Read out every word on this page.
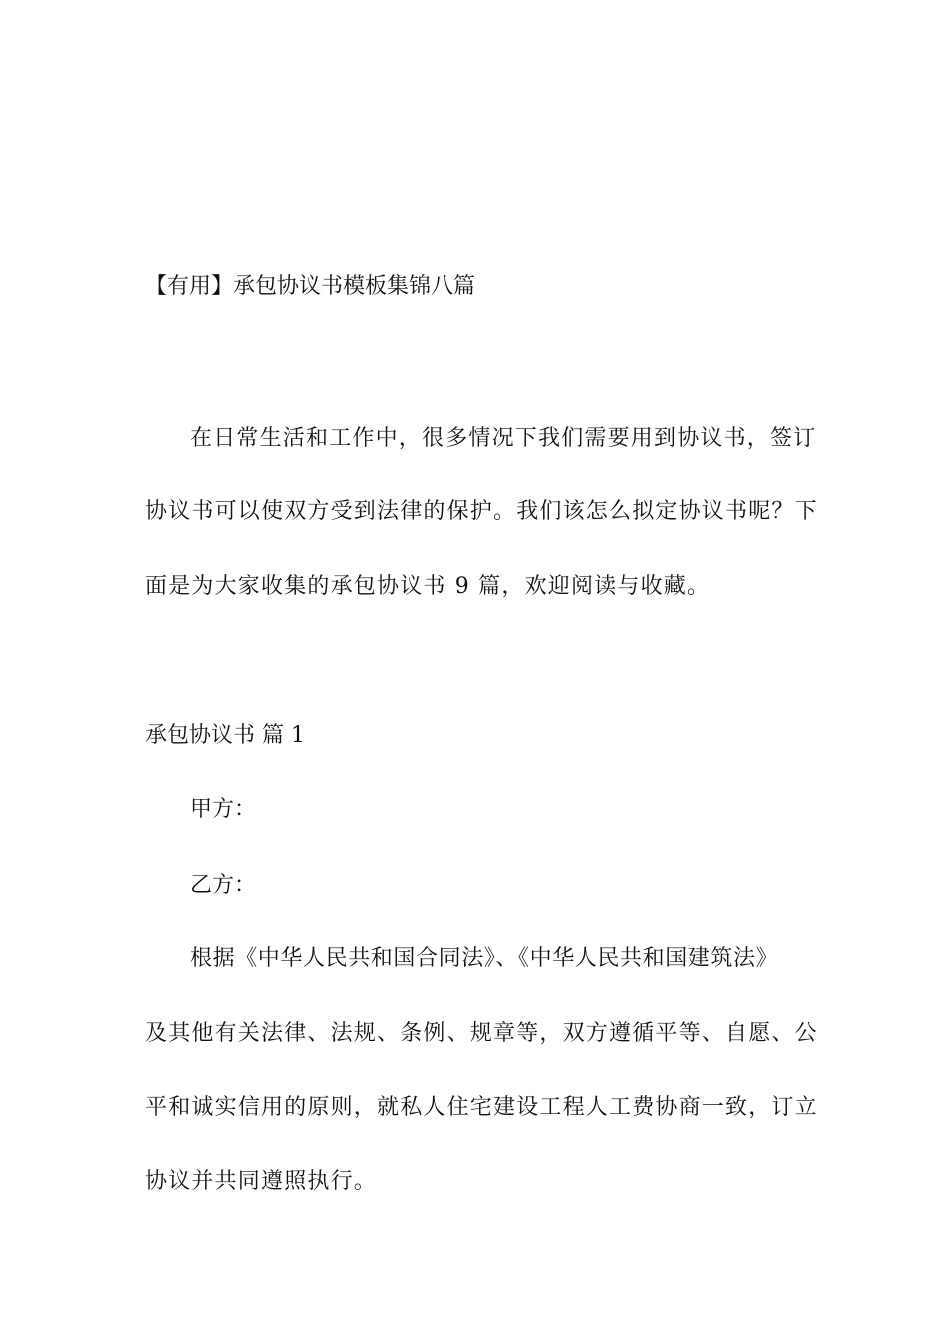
【有用】承包协议书模板集锦八篇

在日常生活和工作中，很多情况下我们需要用到协议书，签订

协议书可以使双方受到法律的保护。我们该怎么拟定协议书呢？下

面是为大家收集的承包协议书 9 篇，欢迎阅读与收藏。

承包协议书 篇 1

甲方：

乙方：

根据《中华人民共和国合同法》、《中华人民共和国建筑法》

及其他有关法律、法规、条例、规章等，双方遵循平等、自愿、公

平和诚实信用的原则，就私人住宅建设工程人工费协商一致，订立

协议并共同遵照执行。
